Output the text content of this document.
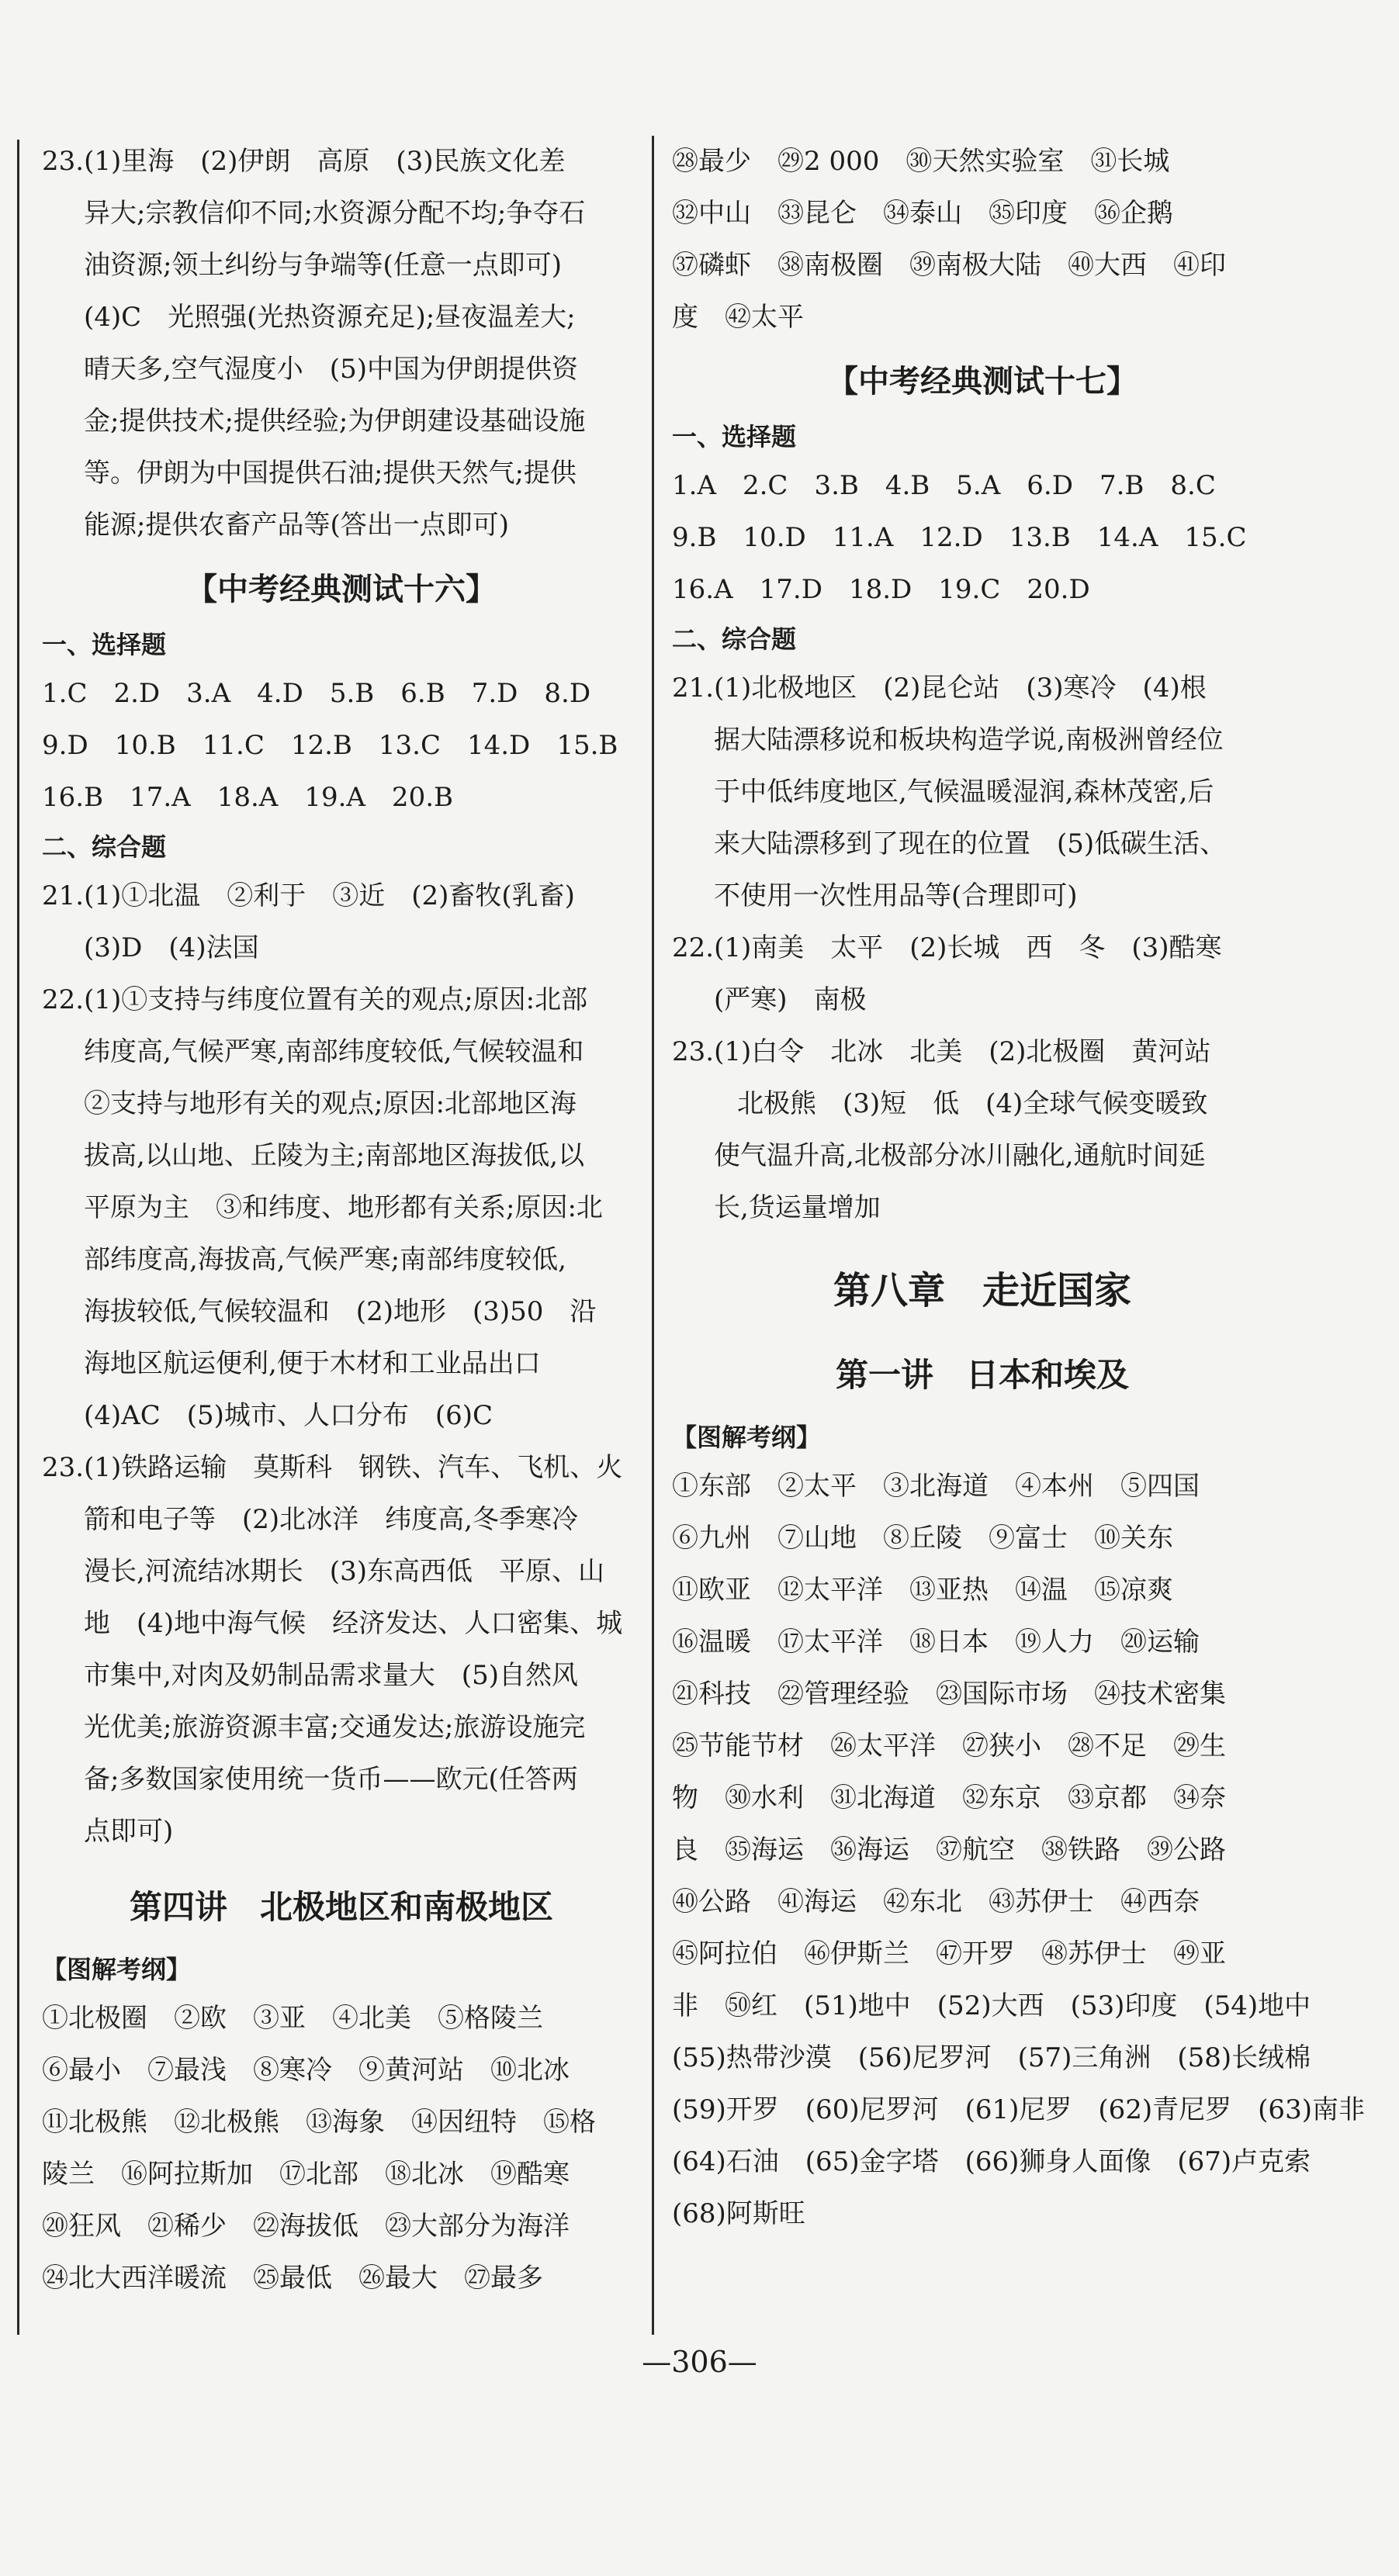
23.(1)里海　(2)伊朗　高原　(3)民族文化差

异大;宗教信仰不同;水资源分配不均;争夺石

油资源;领土纠纷与争端等(任意一点即可)

(4)C　光照强(光热资源充足);昼夜温差大;

晴天多,空气湿度小　(5)中国为伊朗提供资

金;提供技术;提供经验;为伊朗建设基础设施

等。伊朗为中国提供石油;提供天然气;提供

能源;提供农畜产品等(答出一点即可)

【中考经典测试十六】

一、选择题

1.C　2.D　3.A　4.D　5.B　6.B　7.D　8.D

9.D　10.B　11.C　12.B　13.C　14.D　15.B

16.B　17.A　18.A　19.A　20.B

二、综合题

21.(1)①北温　②利于　③近　(2)畜牧(乳畜)

(3)D　(4)法国

22.(1)①支持与纬度位置有关的观点;原因:北部

纬度高,气候严寒,南部纬度较低,气候较温和

②支持与地形有关的观点;原因:北部地区海

拔高,以山地、丘陵为主;南部地区海拔低,以

平原为主　③和纬度、地形都有关系;原因:北

部纬度高,海拔高,气候严寒;南部纬度较低,

海拔较低,气候较温和　(2)地形　(3)50　沿

海地区航运便利,便于木材和工业品出口

(4)AC　(5)城市、人口分布　(6)C

23.(1)铁路运输　莫斯科　钢铁、汽车、飞机、火

箭和电子等　(2)北冰洋　纬度高,冬季寒冷

漫长,河流结冰期长　(3)东高西低　平原、山

地　(4)地中海气候　经济发达、人口密集、城

市集中,对肉及奶制品需求量大　(5)自然风

光优美;旅游资源丰富;交通发达;旅游设施完

备;多数国家使用统一货币——欧元(任答两

点即可)

第四讲　北极地区和南极地区

【图解考纲】

①北极圈　②欧　③亚　④北美　⑤格陵兰

⑥最小　⑦最浅　⑧寒冷　⑨黄河站　⑩北冰

⑪北极熊　⑫北极熊　⑬海象　⑭因纽特　⑮格

陵兰　⑯阿拉斯加　⑰北部　⑱北冰　⑲酷寒

⑳狂风　㉑稀少　㉒海拔低　㉓大部分为海洋

㉔北大西洋暖流　㉕最低　㉖最大　㉗最多

㉘最少　㉙2 000　㉚天然实验室　㉛长城

㉜中山　㉝昆仑　㉞泰山　㉟印度　㊱企鹅

㊲磷虾　㊳南极圈　㊴南极大陆　㊵大西　㊶印

度　㊷太平

【中考经典测试十七】

一、选择题

1.A　2.C　3.B　4.B　5.A　6.D　7.B　8.C

9.B　10.D　11.A　12.D　13.B　14.A　15.C

16.A　17.D　18.D　19.C　20.D

二、综合题

21.(1)北极地区　(2)昆仑站　(3)寒冷　(4)根

据大陆漂移说和板块构造学说,南极洲曾经位

于中低纬度地区,气候温暖湿润,森林茂密,后

来大陆漂移到了现在的位置　(5)低碳生活、

不使用一次性用品等(合理即可)

22.(1)南美　太平　(2)长城　西　冬　(3)酷寒

(严寒)　南极

23.(1)白令　北冰　北美　(2)北极圈　黄河站

北极熊　(3)短　低　(4)全球气候变暖致

使气温升高,北极部分冰川融化,通航时间延

长,货运量增加

第八章　走近国家
第一讲　日本和埃及

【图解考纲】

①东部　②太平　③北海道　④本州　⑤四国

⑥九州　⑦山地　⑧丘陵　⑨富士　⑩关东

⑪欧亚　⑫太平洋　⑬亚热　⑭温　⑮凉爽

⑯温暖　⑰太平洋　⑱日本　⑲人力　⑳运输

㉑科技　㉒管理经验　㉓国际市场　㉔技术密集

㉕节能节材　㉖太平洋　㉗狭小　㉘不足　㉙生

物　㉚水利　㉛北海道　㉜东京　㉝京都　㉞奈

良　㉟海运　㊱海运　㊲航空　㊳铁路　㊴公路

㊵公路　㊶海运　㊷东北　㊸苏伊士　㊹西奈

㊺阿拉伯　㊻伊斯兰　㊼开罗　㊽苏伊士　㊾亚

非　㊿红　(51)地中　(52)大西　(53)印度　(54)地中

(55)热带沙漠　(56)尼罗河　(57)三角洲　(58)长绒棉

(59)开罗　(60)尼罗河　(61)尼罗　(62)青尼罗　(63)南非

(64)石油　(65)金字塔　(66)狮身人面像　(67)卢克索

(68)阿斯旺

—306—
